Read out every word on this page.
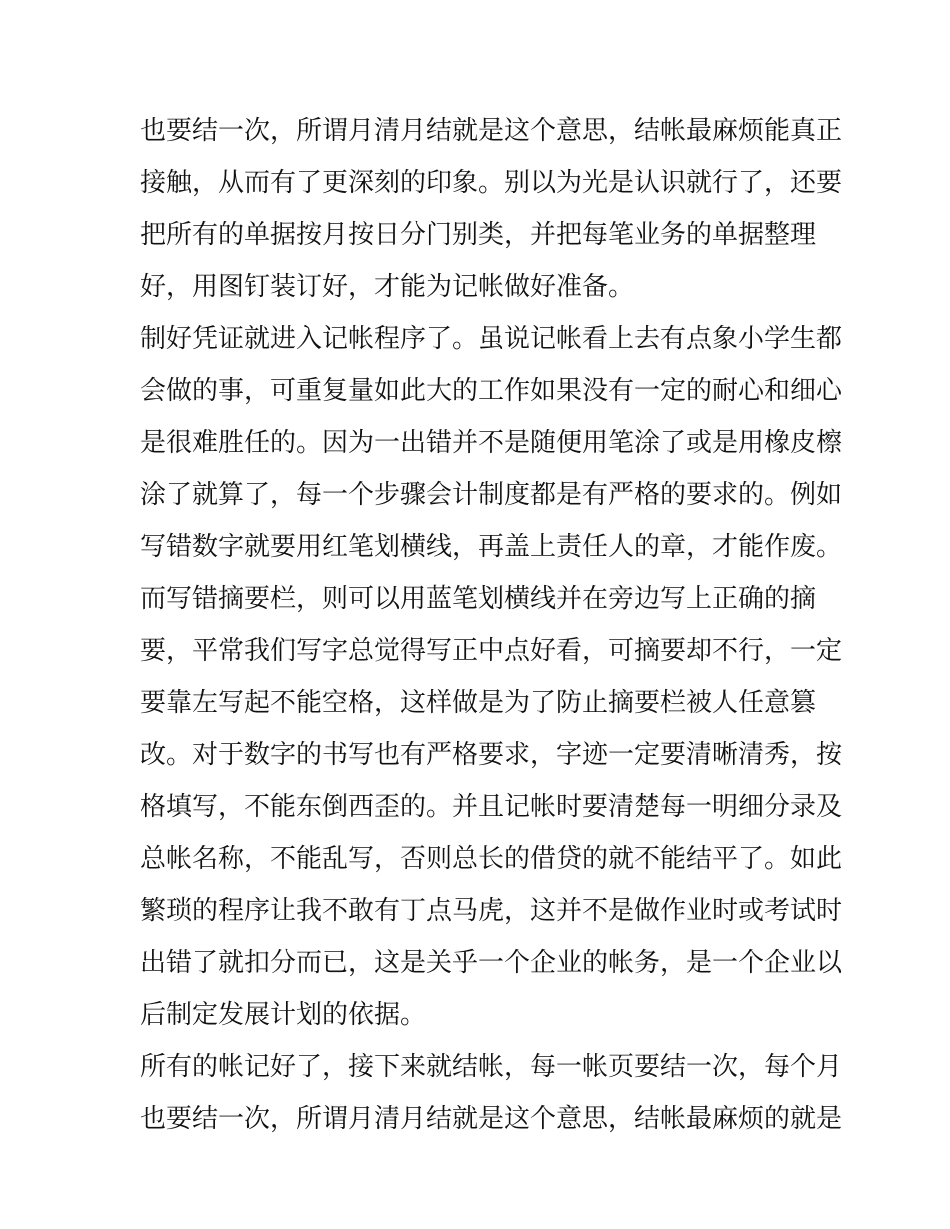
也要结一次，所谓月清月结就是这个意思，结帐最麻烦能真正
接触，从而有了更深刻的印象。别以为光是认识就行了，还要
把所有的单据按月按日分门别类，并把每笔业务的单据整理
好，用图钉装订好，才能为记帐做好准备。
制好凭证就进入记帐程序了。虽说记帐看上去有点象小学生都
会做的事，可重复量如此大的工作如果没有一定的耐心和细心
是很难胜任的。因为一出错并不是随便用笔涂了或是用橡皮檫
涂了就算了，每一个步骤会计制度都是有严格的要求的。例如
写错数字就要用红笔划横线，再盖上责任人的章，才能作废。
而写错摘要栏，则可以用蓝笔划横线并在旁边写上正确的摘
要，平常我们写字总觉得写正中点好看，可摘要却不行，一定
要靠左写起不能空格，这样做是为了防止摘要栏被人任意篡
改。对于数字的书写也有严格要求，字迹一定要清晰清秀，按
格填写，不能东倒西歪的。并且记帐时要清楚每一明细分录及
总帐名称，不能乱写，否则总长的借贷的就不能结平了。如此
繁琐的程序让我不敢有丁点马虎，这并不是做作业时或考试时
出错了就扣分而已，这是关乎一个企业的帐务，是一个企业以
后制定发展计划的依据。
所有的帐记好了，接下来就结帐，每一帐页要结一次，每个月
也要结一次，所谓月清月结就是这个意思，结帐最麻烦的就是
